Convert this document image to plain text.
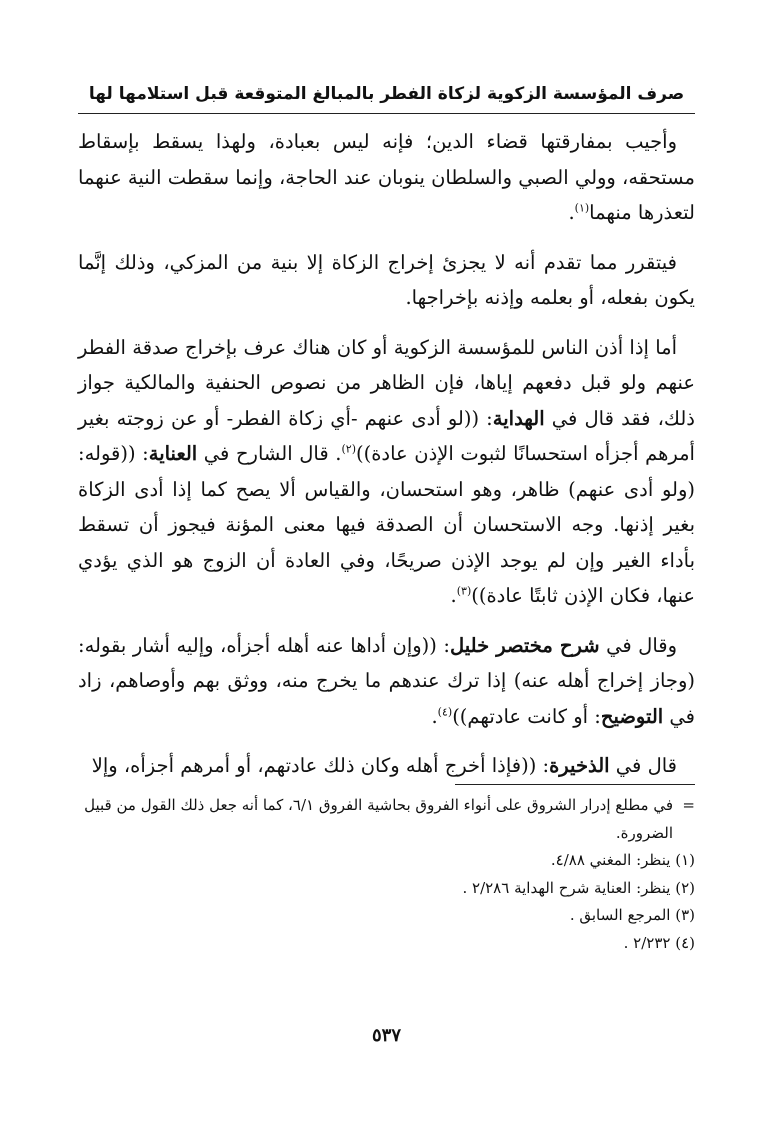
صرف المؤسسة الزكوية لزكاة الفطر بالمبالغ المتوقعة قبل استلامها لها

وأجيب بمفارقتها قضاء الدين؛ فإنه ليس بعبادة، ولهذا يسقط بإسقاط مستحقه، وولي الصبي والسلطان ينوبان عند الحاجة، وإنما سقطت النية عنهما لتعذرها منهما$^{(١)}$.

فيتقرر مما تقدم أنه لا يجزئ إخراج الزكاة إلا بنية من المزكي، وذلك إنَّما يكون بفعله، أو بعلمه وإذنه بإخراجها.

أما إذا أذن الناس للمؤسسة الزكوية أو كان هناك عرف بإخراج صدقة الفطر عنهم ولو قبل دفعهم إياها، فإن الظاهر من نصوص الحنفية والمالكية جواز ذلك، فقد قال في الهداية: ((لو أدى عنهم -أي زكاة الفطر- أو عن زوجته بغير أمرهم أجزأه استحسانًا لثبوت الإذن عادة))$^{(٢)}$. قال الشارح في العناية: ((قوله: (ولو أدى عنهم) ظاهر، وهو استحسان، والقياس ألا يصح كما إذا أدى الزكاة بغير إذنها. وجه الاستحسان أن الصدقة فيها معنى المؤنة فيجوز أن تسقط بأداء الغير وإن لم يوجد الإذن صريحًا، وفي العادة أن الزوج هو الذي يؤدي عنها، فكان الإذن ثابتًا عادة))$^{(٣)}$.

وقال في شرح مختصر خليل: ((وإن أداها عنه أهله أجزأه، وإليه أشار بقوله: (وجاز إخراج أهله عنه) إذا ترك عندهم ما يخرج منه، ووثق بهم وأوصاهم، زاد في التوضيح: أو كانت عادتهم))$^{(٤)}$.

قال في الذخيرة: ((فإذا أخرج أهله وكان ذلك عادتهم، أو أمرهم أجزأه، وإلا

=
في مطلع إدرار الشروق على أنواء الفروق بحاشية الفروق ٦/١، كما أنه جعل ذلك القول من قبيل الضرورة.
(١) ينظر: المغني ٤/٨٨.
(٢) ينظر: العناية شرح الهداية ٢/٢٨٦ .
(٣) المرجع السابق .
(٤) ٢/٢٣٢ .
٥٣٧
